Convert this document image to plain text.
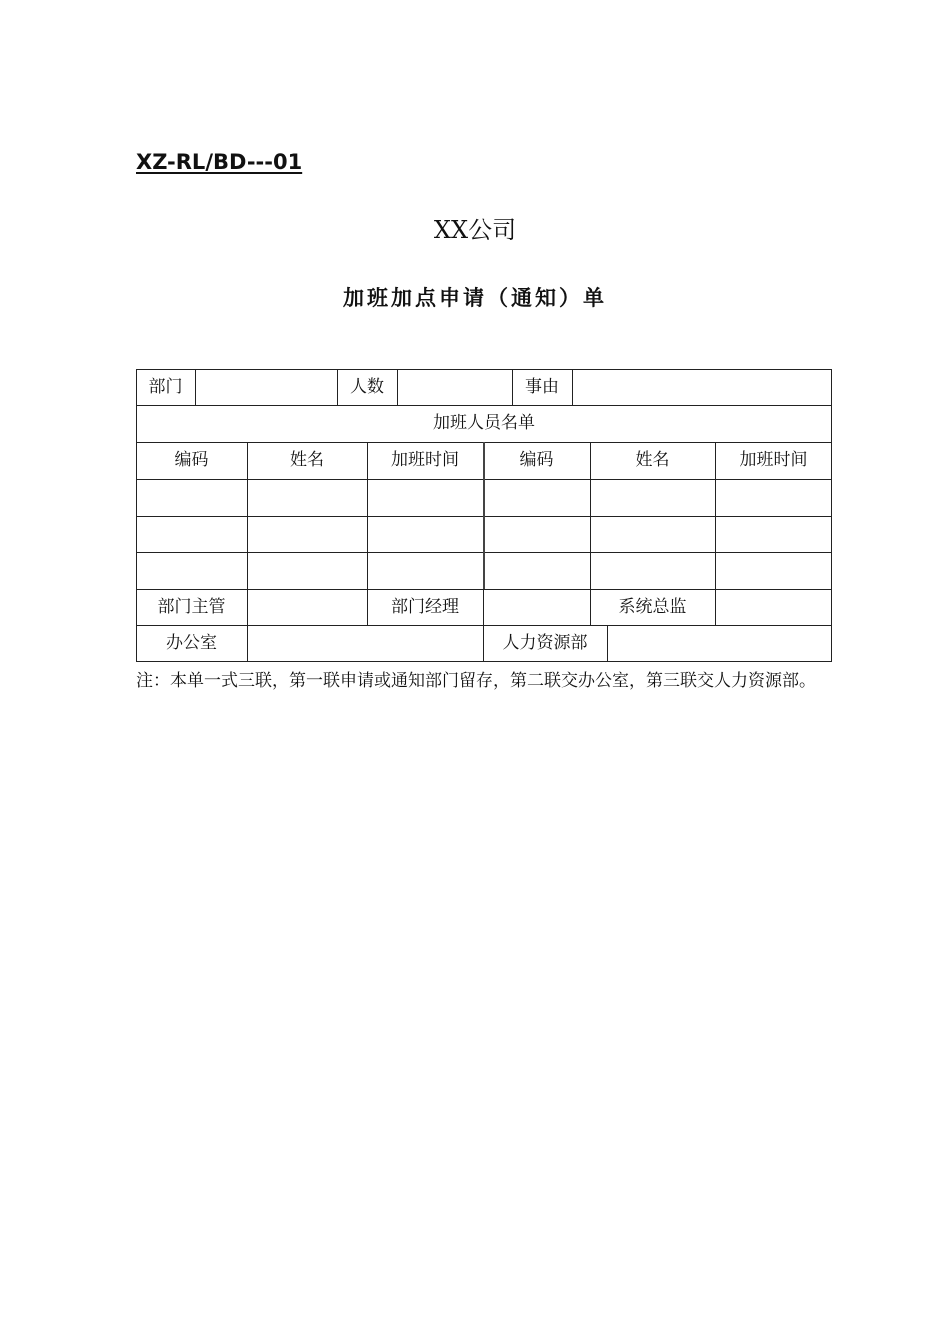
XZ-RL/BD---01
XX公司
加班加点申请（通知）单
部门	人数	事由
加班人员名单
编码	姓名	加班时间	编码	姓名	加班时间
部门主管	部门经理	系统总监
办公室	人力资源部
注：本单一式三联，第一联申请或通知部门留存，第二联交办公室，第三联交人力资源部。
